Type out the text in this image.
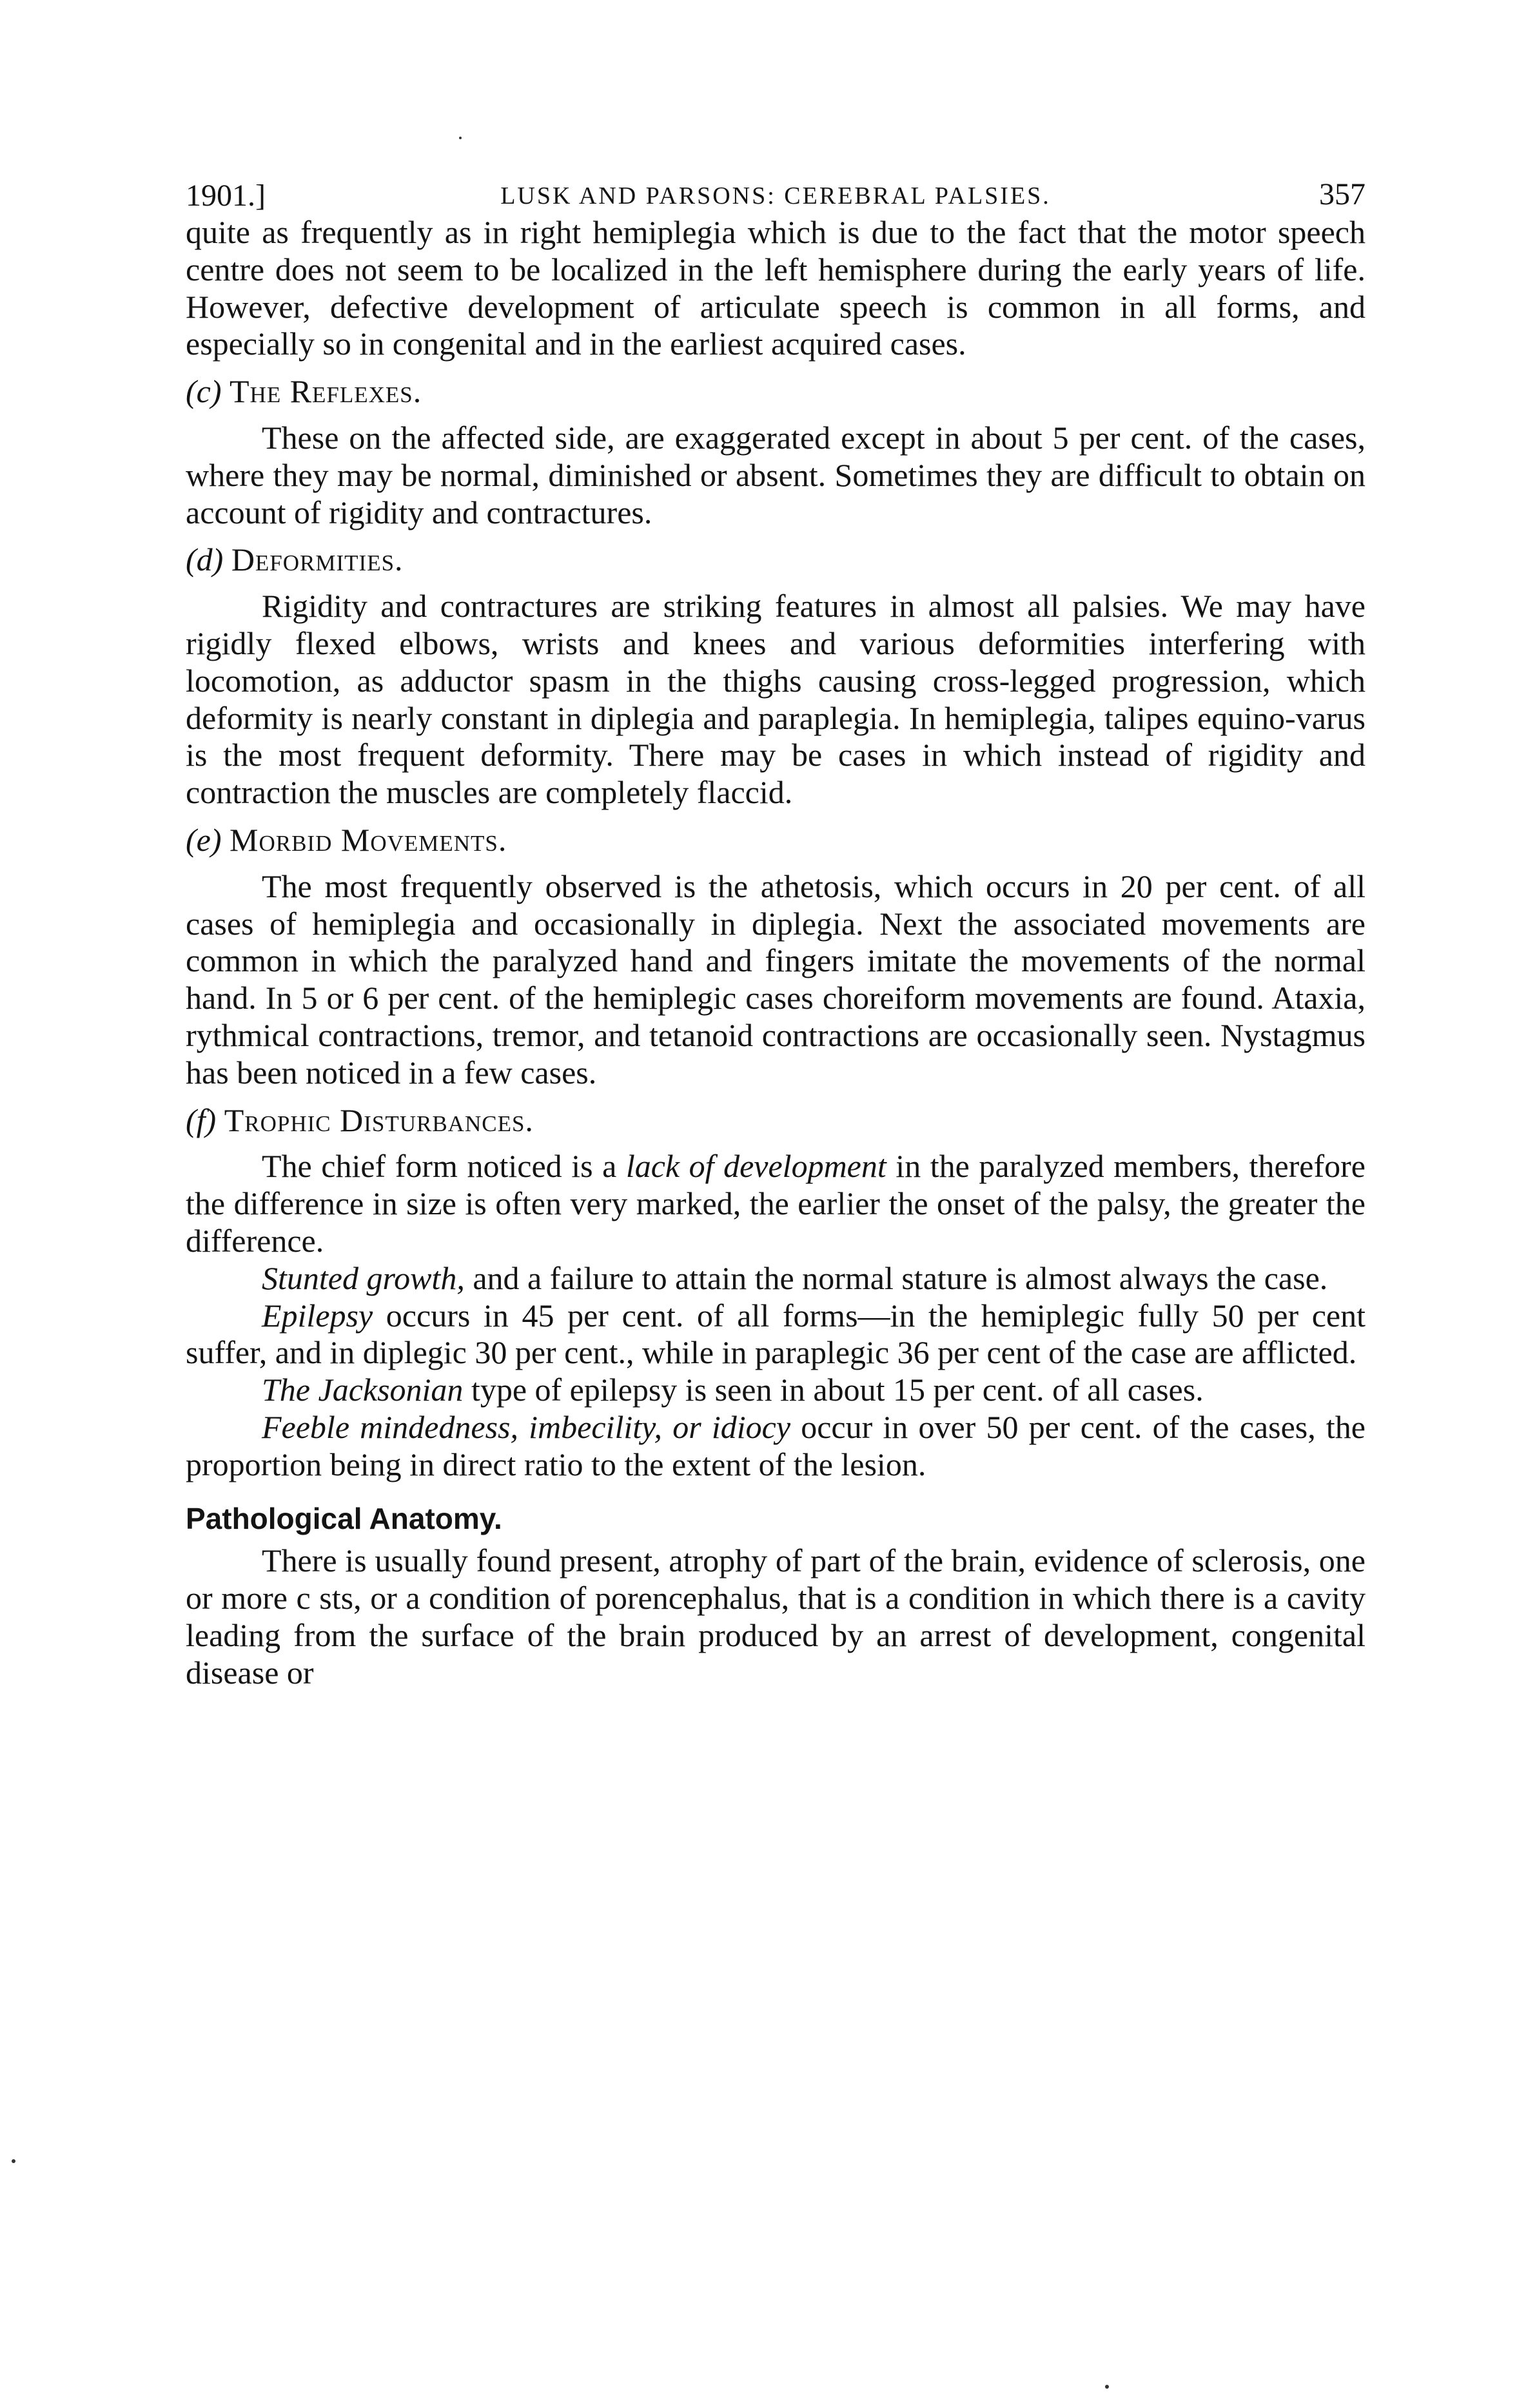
1901.]	LUSK AND PARSONS: CEREBRAL PALSIES.	357

quite as frequently as in right hemiplegia which is due to the fact that the motor speech centre does not seem to be localized in the left hemisphere during the early years of life. However, defective development of articulate speech is common in all forms, and especially so in congenital and in the earliest acquired cases.

(c) The Reflexes.

These on the affected side, are exaggerated except in about 5 per cent. of the cases, where they may be normal, diminished or absent. Sometimes they are difficult to obtain on account of rigidity and contractures.

(d) Deformities.

Rigidity and contractures are striking features in almost all palsies. We may have rigidly flexed elbows, wrists and knees and various deformities interfering with locomotion, as adductor spasm in the thighs causing cross-legged progression, which deformity is nearly constant in diplegia and paraplegia. In hemiplegia, talipes equino-varus is the most frequent deformity. There may be cases in which instead of rigidity and contraction the muscles are completely flaccid.

(e) Morbid Movements.

The most frequently observed is the athetosis, which occurs in 20 per cent. of all cases of hemiplegia and occasionally in diplegia. Next the associated movements are common in which the paralyzed hand and fingers imitate the movements of the normal hand. In 5 or 6 per cent. of the hemiplegic cases choreiform movements are found. Ataxia, rythmical contractions, tremor, and tetanoid contractions are occasionally seen. Nystagmus has been noticed in a few cases.

(f) Trophic Disturbances.

The chief form noticed is a lack of development in the paralyzed members, therefore the difference in size is often very marked, the earlier the onset of the palsy, the greater the difference.

Stunted growth, and a failure to attain the normal stature is almost always the case.

Epilepsy occurs in 45 per cent. of all forms—in the hemiplegic fully 50 per cent suffer, and in diplegic 30 per cent., while in paraplegic 36 per cent of the case are afflicted.

The Jacksonian type of epilepsy is seen in about 15 per cent. of all cases.

Feeble mindedness, imbecility, or idiocy occur in over 50 per cent. of the cases, the proportion being in direct ratio to the extent of the lesion.

Pathological Anatomy.

There is usually found present, atrophy of part of the brain, evidence of sclerosis, one or more c sts, or a condition of porencephalus, that is a condition in which there is a cavity leading from the surface of the brain produced by an arrest of development, congenital disease or
